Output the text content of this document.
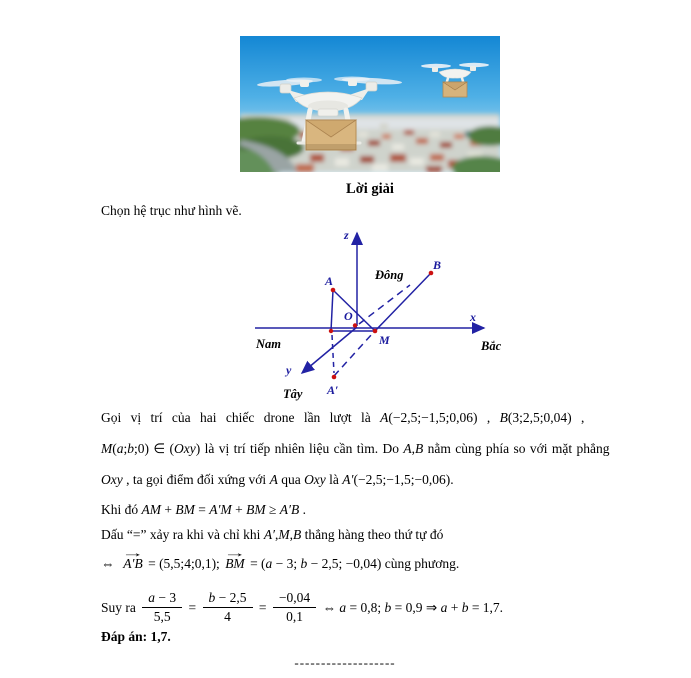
Lời giải
Chọn hệ trục như hình vẽ.
z
x
y
O
A
B
M
A′
Nam	Bắc
Tây
Đông
Gọi vị trí của hai chiếc drone lần lượt là A(−2,5;−1,5;0,06) , B(3;2,5;0,04) ,
M(a;b;0) ∈ (Oxy) là vị trí tiếp nhiên liệu cần tìm. Do A,B nằm cùng phía so với mặt phẳng
Oxy , ta gọi điểm đối xứng với A qua Oxy là A′(−2,5;−1,5;−0,06).
Khi đó AM + BM = A′M + BM ≥ A′B .
Dấu “=” xảy ra khi và chỉ khi A′,M,B thẳng hàng theo thứ tự đó
⇔
→
A′B = (5,5;4;0,1);
→
BM = (a − 3; b − 2,5; −0,04) cùng phương.
Suy ra $\frac{a - 3}{5,5} = \frac{b - 2,5}{4} = \frac{-0,04}{0,1}$ ⇔ a = 0,8; b = 0,9 ⇒ a + b = 1,7.
Đáp án: 1,7.
-------------------
